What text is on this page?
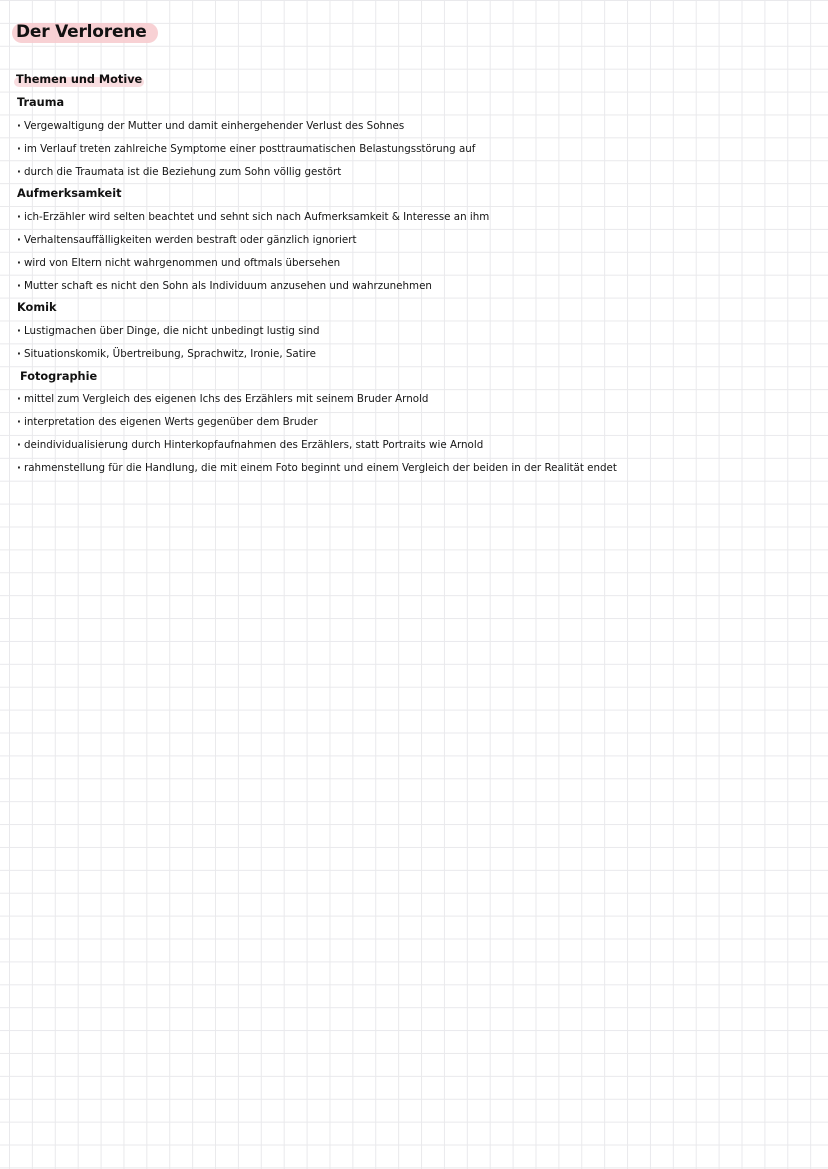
Der Verlorene
Themen und Motive
Trauma
· Vergewaltigung der Mutter und damit einhergehender Verlust des Sohnes
· im Verlauf treten zahlreiche Symptome einer posttraumatischen Belastungsstörung auf
· durch die Traumata ist die Beziehung zum Sohn völlig gestört
Aufmerksamkeit
· ich-Erzähler wird selten beachtet und sehnt sich nach Aufmerksamkeit & Interesse an ihm
· Verhaltensauffälligkeiten werden bestraft oder gänzlich ignoriert
· wird von Eltern nicht wahrgenommen und oftmals übersehen
· Mutter schaft es nicht den Sohn als Individuum anzusehen und wahrzunehmen
Komik
· Lustigmachen über Dinge, die nicht unbedingt lustig sind
· Situationskomik, Übertreibung, Sprachwitz, Ironie, Satire
Fotographie
· mittel zum Vergleich des eigenen Ichs des Erzählers mit seinem Bruder Arnold
· interpretation des eigenen Werts gegenüber dem Bruder
· deindividualisierung durch Hinterkopfaufnahmen des Erzählers, statt Portraits wie Arnold
· rahmenstellung für die Handlung, die mit einem Foto beginnt und einem Vergleich der beiden in der Realität endet
